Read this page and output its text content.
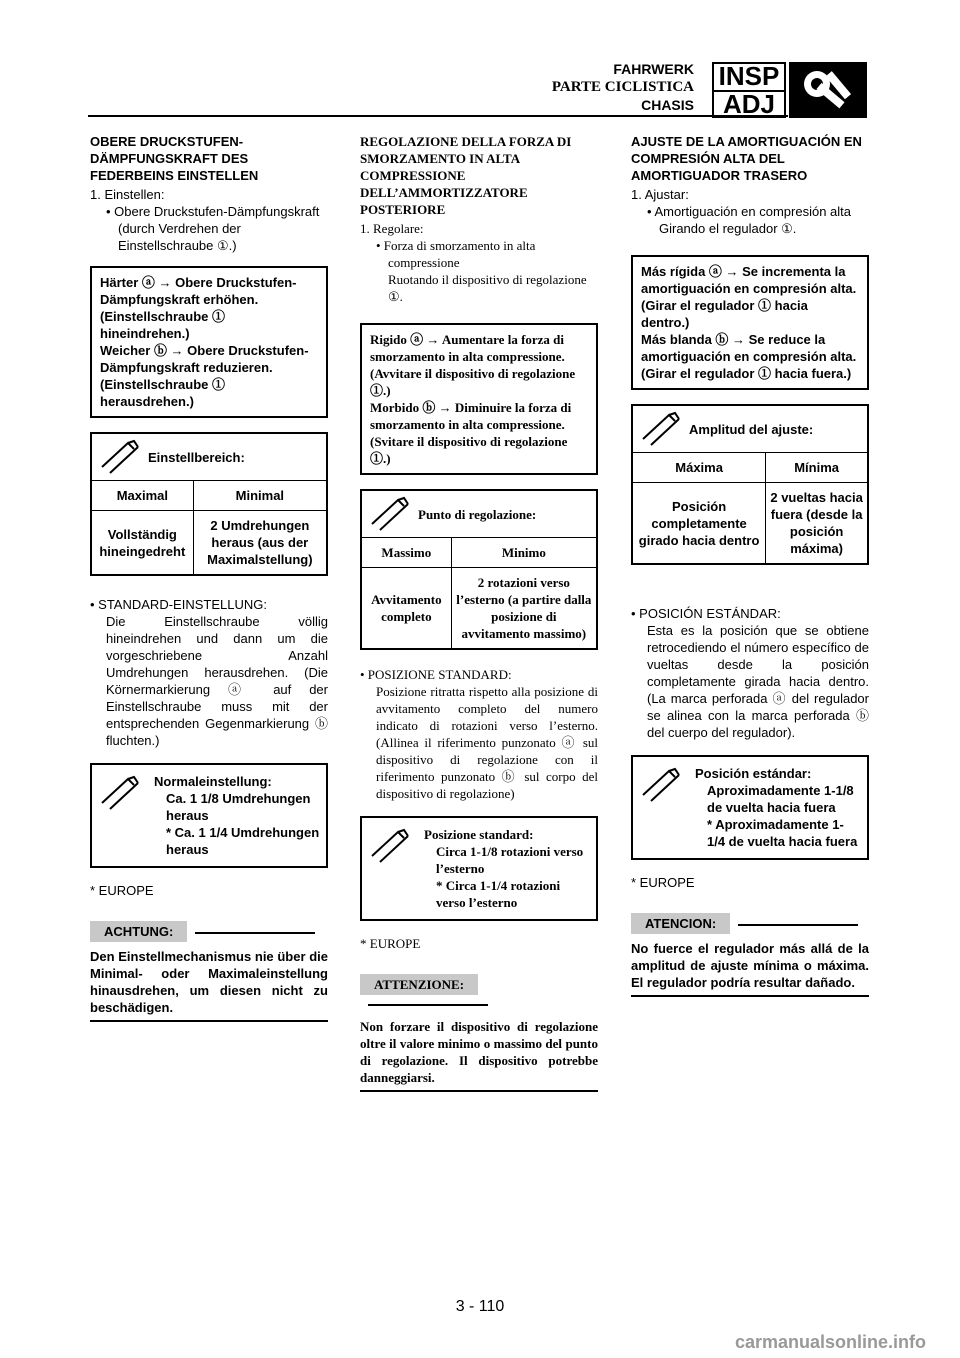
FAHRWERK
PARTE CICLISTICA
CHASIS
INSP
ADJ
OBERE DRUCKSTUFEN-DÄMPFUNGSKRAFT DES FEDERBEINS EINSTELLEN
1. Einstellen:
• Obere Druckstufen-Dämpfungskraft
(durch Verdrehen der Einstellschraube ①.)
Härter ⓐ → Obere Druckstufen-Dämpfungskraft erhöhen. (Einstellschraube ① hineindrehen.)
Weicher ⓑ → Obere Druckstufen-Dämpfungskraft reduzieren. (Einstellschraube ① herausdrehen.)
Einstellbereich:
Maximal	Minimal
Vollständig hineingedreht	2 Umdrehungen heraus (aus der Maximalstellung)
• STANDARD-EINSTELLUNG:
Die Einstellschraube völlig hineindrehen und dann um die vorgeschriebene Anzahl Umdrehungen herausdrehen. (Die Körnermarkierung ⓐ auf der Einstellschraube muss mit der entsprechenden Gegenmarkierung ⓑ fluchten.)
Normaleinstellung:
Ca. 1 1/8 Umdrehungen heraus
* Ca. 1 1/4 Umdrehungen heraus
* EUROPE
ACHTUNG:
Den Einstellmechanismus nie über die Minimal- oder Maximaleinstellung hinausdrehen, um diesen nicht zu beschädigen.
REGOLAZIONE DELLA FORZA DI SMORZAMENTO IN ALTA COMPRESSIONE DELL’AMMORTIZZATORE POSTERIORE
1. Regolare:
• Forza di smorzamento in alta compressione
Ruotando il dispositivo di regolazione ①.
Rigido ⓐ → Aumentare la forza di smorzamento in alta compressione. (Avvitare il dispositivo di regolazione ①.)
Morbido ⓑ → Diminuire la forza di smorzamento in alta compressione. (Svitare il dispositivo di regolazione ①.)
Punto di regolazione:
Massimo	Minimo
Avvitamento completo	2 rotazioni verso l’esterno (a partire dalla posizione di avvitamento massimo)
• POSIZIONE STANDARD:
Posizione ritratta rispetto alla posizione di avvitamento completo del numero indicato di rotazioni verso l’esterno. (Allinea il riferimento punzonato ⓐ sul dispositivo di regolazione con il riferimento punzonato ⓑ sul corpo del dispositivo di regolazione)
Posizione standard:
Circa 1-1/8 rotazioni verso l’esterno
* Circa 1-1/4 rotazioni verso l’esterno
* EUROPE
ATTENZIONE:
Non forzare il dispositivo di regolazione oltre il valore minimo o massimo del punto di regolazione. Il dispositivo potrebbe danneggiarsi.
AJUSTE DE LA AMORTIGUACIÓN EN COMPRESIÓN ALTA DEL AMORTIGUADOR TRASERO
1. Ajustar:
• Amortiguación en compresión alta
Girando el regulador ①.
Más rígida ⓐ → Se incrementa la amortiguación en compresión alta. (Girar el regulador ① hacia dentro.)
Más blanda ⓑ → Se reduce la amortiguación en compresión alta. (Girar el regulador ① hacia fuera.)
Amplitud del ajuste:
Máxima	Mínima
Posición completamente girado hacia dentro	2 vueltas hacia fuera (desde la posición máxima)
• POSICIÓN ESTÁNDAR:
Esta es la posición que se obtiene retrocediendo el número específico de vueltas desde la posición completamente girada hacia dentro. (La marca perforada ⓐ del regulador se alinea con la marca perforada ⓑ del cuerpo del regulador).
Posición estándar:
Aproximadamente 1-1/8 de vuelta hacia fuera
* Aproximadamente 1-1/4 de vuelta hacia fuera
* EUROPE
ATENCION:
No fuerce el regulador más allá de la amplitud de ajuste mínima o máxima. El regulador podría resultar dañado.
3 - 110
carmanualsonline.info
